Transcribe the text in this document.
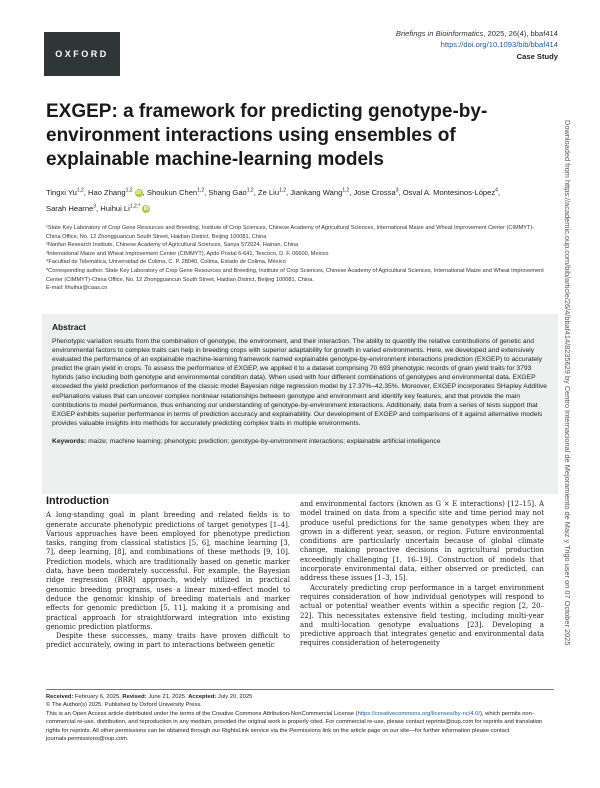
OXFORD
Briefings in Bioinformatics, 2025, 26(4), bbaf414
https://doi.org/10.1093/bib/bbaf414
Case Study
Downloaded from https://academic.oup.com/bib/article/26/4/bbaf414/8235629 by Centro Internacional de Mejoramiento de Maiz y Trigo user on 07 October 2025
EXGEP: a framework for predicting genotype-by-environment interactions using ensembles of explainable machine-learning models
Tingxi Yu$^{1,2}$, Hao Zhang$^{1,2}$ iD , Shoukun Chen$^{1,2}$, Shang Gao$^{1,2}$, Ze Liu$^{1,2}$, Jiankang Wang$^{1,2}$, Jose Crossa$^3$, Osval A. Montesinos-López$^4$,
Sarah Hearne$^3$, Huihui $Li^{1,2,*}$ iD
¹State Key Laboratory of Crop Gene Resources and Breeding, Institute of Crop Sciences, Chinese Academy of Agricultural Sciences, International Maize and Wheat Improvement Center (CIMMYT)-China Office, No. 12 Zhongguancun South Street, Haidian District, Beijing 100081, China
²Nanfan Research Institute, Chinese Academy of Agricultural Sciences, Sanya 572024, Hainan, China
³International Maize and Wheat Improvement Center (CIMMYT), Apdo Postal 6-641, Texcoco, D. F. 06600, Mexico
⁴Facultad de Telemática, Universidad de Colima, C. P. 28040, Colima, Estado de Colima, México
*Corresponding author. State Key Laboratory of Crop Gene Resources and Breeding, Institute of Crop Sciences, Chinese Academy of Agricultural Sciences, International Maize and Wheat Improvement Center (CIMMYT)-China Office, No. 12 Zhongguancun South Street, Haidian District, Beijing 100081, China.
E-mail: lihuihui@caas.cn
Abstract

Phenotypic variation results from the combination of genotype, the environment, and their interaction. The ability to quantify the relative contributions of genetic and environmental factors to complex traits can help in breeding crops with superior adaptability for growth in varied environments. Here, we developed and extensively evaluated the performance of an explainable machine-learning framework named explainable genotype-by-environment interactions prediction (EXGEP) to accurately predict the grain yield in crops. To assess the performance of EXGEP, we applied it to a dataset comprising 70 693 phenotypic records of grain yield traits for 3793 hybrids (also including both genotype and environmental condition data). When used with four different combinations of genotypes and environmental data, EXGEP exceeded the yield prediction performance of the classic model Bayesian ridge regression model by 17.37%–42.35%. Moreover, EXGEP incorporates SHapley Additive exPlanations values that can uncover complex nonlinear relationships between genotype and environment and identify key features, and that provide the main contributions to model performance, thus enhancing our understanding of genotype-by-environment interactions. Additionally, data from a series of tests support that EXGEP exhibits superior performance in terms of prediction accuracy and explainability. Our development of EXGEP and comparisons of it against alternative models provides valuable insights into methods for accurately predicting complex traits in multiple environments.

Keywords: maize; machine learning; phenotypic prediction; genotype-by-environment interactions; explainable artificial intelligence
Introduction

A long-standing goal in plant breeding and related fields is to generate accurate phenotypic predictions of target genotypes [1–4]. Various approaches have been employed for phenotype prediction tasks, ranging from classical statistics [5, 6], machine learning [3, 7], deep learning, [8], and combinations of these methods [9, 10]. Prediction models, which are traditionally based on genetic marker data, have been moderately successful. For example, the Bayesian ridge regression (BRR) approach, widely utilized in practical genomic breeding programs, uses a linear mixed-effect model to deduce the genomic kinship of breeding materials and marker effects for genomic prediction [5, 11], making it a promising and practical approach for straightforward integration into existing genomic prediction platforms.

Despite these successes, many traits have proven difficult to predict accurately, owing in part to interactions between genetic

and environmental factors (known as G × E interactions) [12–15]. A model trained on data from a specific site and time period may not produce useful predictions for the same genotypes when they are grown in a different year, season, or region. Future environmental conditions are particularly uncertain because of global climate change, making proactive decisions in agricultural production exceedingly challenging [1, 16–19]. Construction of models that incorporate environmental data, either observed or predicted, can address these issues [1–3, 15].

Accurately predicting crop performance in a target environment requires consideration of how individual genotypes will respond to actual or potential weather events within a specific region [2, 20–22]. This necessitates extensive field testing, including multi-year and multi-location genotype evaluations [23]. Developing a predictive approach that integrates genetic and environmental data requires consideration of heterogeneity

Received: February 6, 2025. Revised: June 21, 2025. Accepted: July 20, 2025
© The Author(s) 2025. Published by Oxford University Press.
This is an Open Access article distributed under the terms of the Creative Commons Attribution-NonCommercial License (https://creativecommons.org/licenses/by-nc/4.0/), which permits non-commercial re-use, distribution, and reproduction in any medium, provided the original work is properly cited. For commercial re-use, please contact reprints@oup.com for reprints and translation rights for reprints. All other permissions can be obtained through our RightsLink service via the Permissions link on the article page on our site—for further information please contact journals.permissions@oup.com.
